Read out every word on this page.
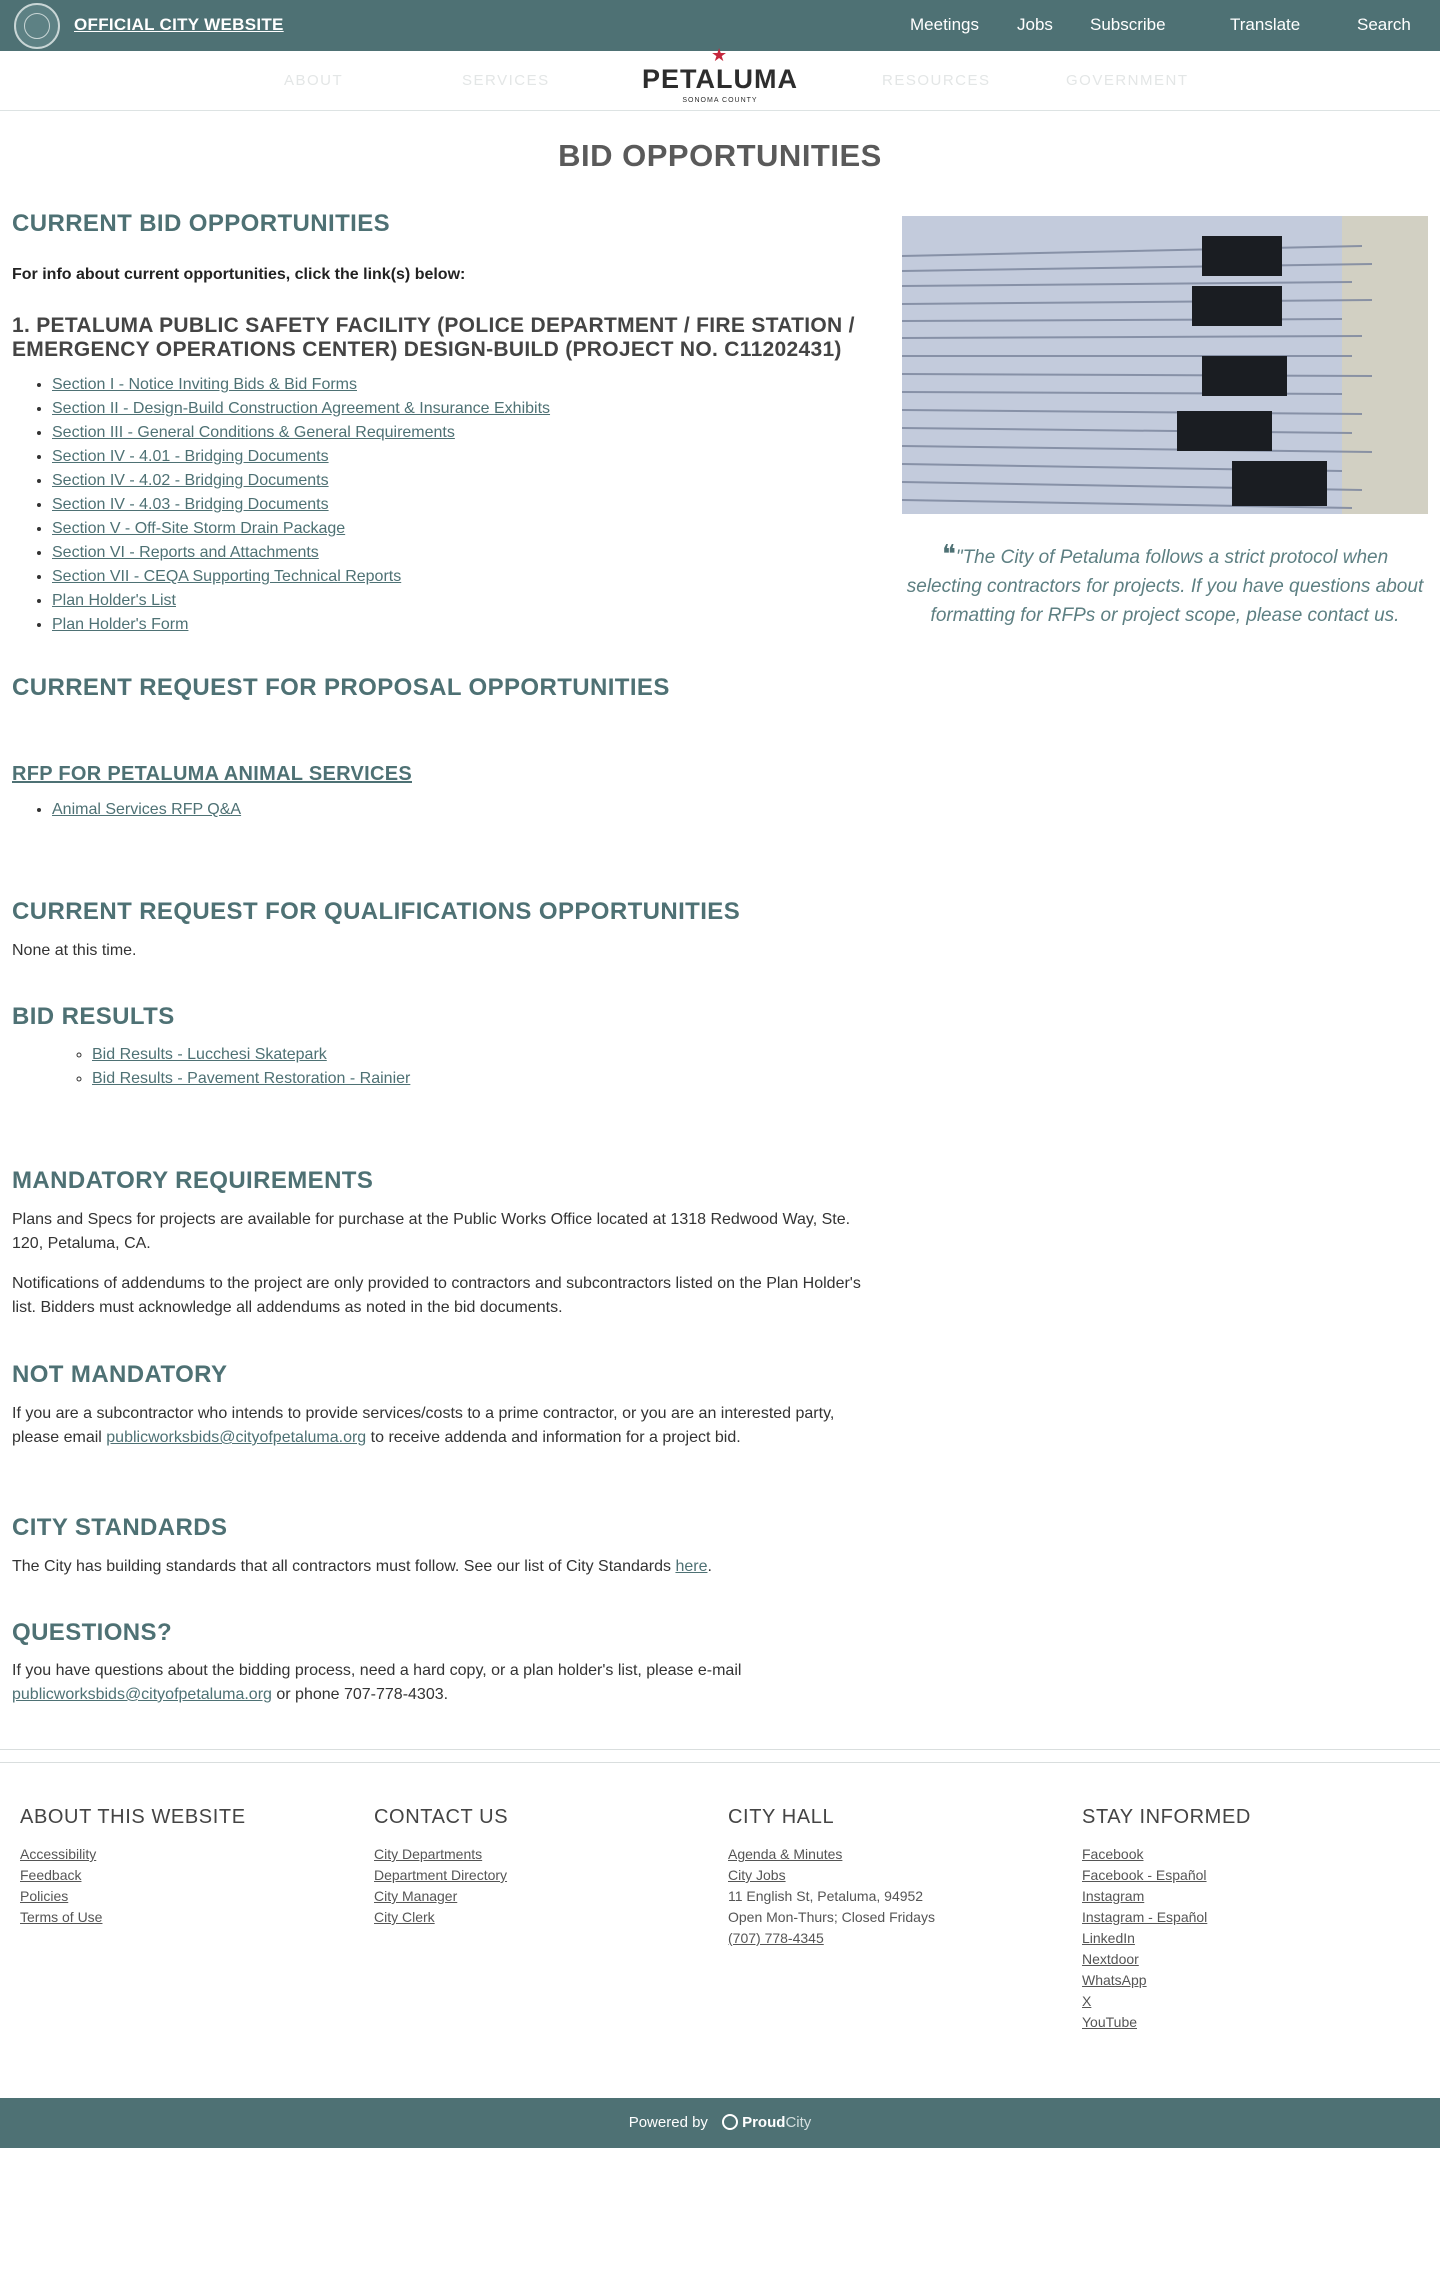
OFFICIAL CITY WEBSITE	Meetings Jobs Subscribe	Translate	Search
ABOUT	SERVICES	RESOURCES	GOVERNMENT
★
PETALUMA
SONOMA COUNTY
BID OPPORTUNITIES
CURRENT BID OPPORTUNITIES
For info about current opportunities, click the link(s) below:
1. PETALUMA PUBLIC SAFETY FACILITY (POLICE DEPARTMENT / FIRE STATION / EMERGENCY OPERATIONS CENTER) DESIGN-BUILD (PROJECT NO. C11202431)
• Section I - Notice Inviting Bids & Bid Forms
• Section II - Design-Build Construction Agreement & Insurance Exhibits
• Section III - General Conditions & General Requirements
• Section IV - 4.01 - Bridging Documents
• Section IV - 4.02 - Bridging Documents
• Section IV - 4.03 - Bridging Documents
• Section V - Off-Site Storm Drain Package
• Section VI - Reports and Attachments
• Section VII - CEQA Supporting Technical Reports
• Plan Holder's List
• Plan Holder's Form
CURRENT REQUEST FOR PROPOSAL OPPORTUNITIES
RFP FOR PETALUMA ANIMAL SERVICES
• Animal Services RFP Q&A
CURRENT REQUEST FOR QUALIFICATIONS OPPORTUNITIES

None at this time.

BID RESULTS
◦ Bid Results - Lucchesi Skatepark
◦ Bid Results - Pavement Restoration - Rainier
MANDATORY REQUIREMENTS

Plans and Specs for projects are available for purchase at the Public Works Office located at 1318 Redwood Way, Ste. 120, Petaluma, CA.

Notifications of addendums to the project are only provided to contractors and subcontractors listed on the Plan Holder's list. Bidders must acknowledge all addendums as noted in the bid documents.

NOT MANDATORY

If you are a subcontractor who intends to provide services/costs to a prime contractor, or you are an interested party, please email publicworksbids@cityofpetaluma.org to receive addenda and information for a project bid.

CITY STANDARDS

The City has building standards that all contractors must follow. See our list of City Standards here.

QUESTIONS?

If you have questions about the bidding process, need a hard copy, or a plan holder's list, please e-mail publicworksbids@cityofpetaluma.org or phone 707-778-4303.

❝"The City of Petaluma follows a strict protocol when selecting contractors for projects. If you have questions about formatting for RFPs or project scope, please contact us.
ABOUT THIS WEBSITE
Accessibility
Feedback
Policies
Terms of Use
CONTACT US
City Departments
Department Directory
City Manager
City Clerk
CITY HALL
Agenda & Minutes
City Jobs
11 English St, Petaluma, 94952
Open Mon-Thurs; Closed Fridays
(707) 778-4345
STAY INFORMED
Facebook
Facebook - Español
Instagram
Instagram - Español
LinkedIn
Nextdoor
WhatsApp
X
YouTube
Powered by ProudCity
